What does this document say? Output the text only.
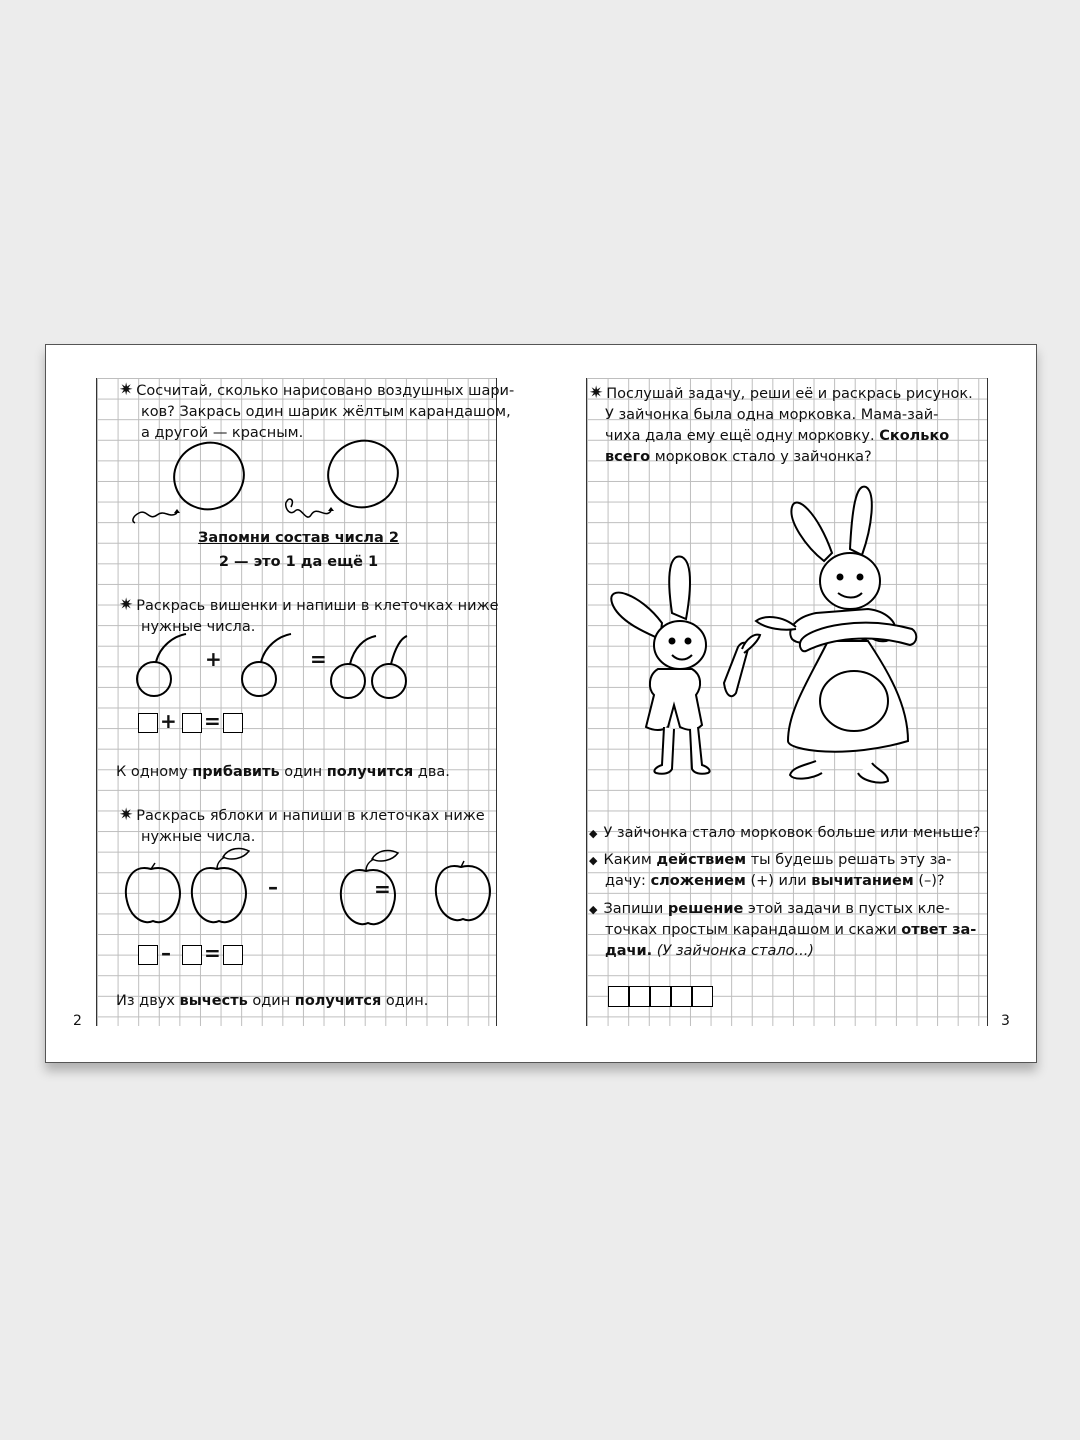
2
✷ Сосчитай, сколько нарисовано воздушных шари-
ков? Закрась один шарик жёлтым карандашом,
а другой — красным.
Запомни состав числа 2
2 — это 1 да ещё 1
✷ Раскрась вишенки и напиши в клеточках ниже
нужные числа.
+	=
+ =
К одному прибавить один получится два.
✷ Раскрась яблоки и напиши в клеточках ниже
нужные числа.
–	=
– =
Из двух вычесть один получится один.
3
✷ Послушай задачу, реши её и раскрась рисунок.
У зайчонка была одна морковка. Мама-зай-
чиха дала ему ещё одну морковку. Сколько
всего морковок стало у зайчонка?
◆ У зайчонка стало морковок больше или меньше?
◆ Каким действием ты будешь решать эту за-
дачу: сложением (+) или вычитанием (–)?
◆ Запиши решение этой задачи в пустых кле-
точках простым карандашом и скажи ответ за-
дачи. (У зайчонка стало...)
